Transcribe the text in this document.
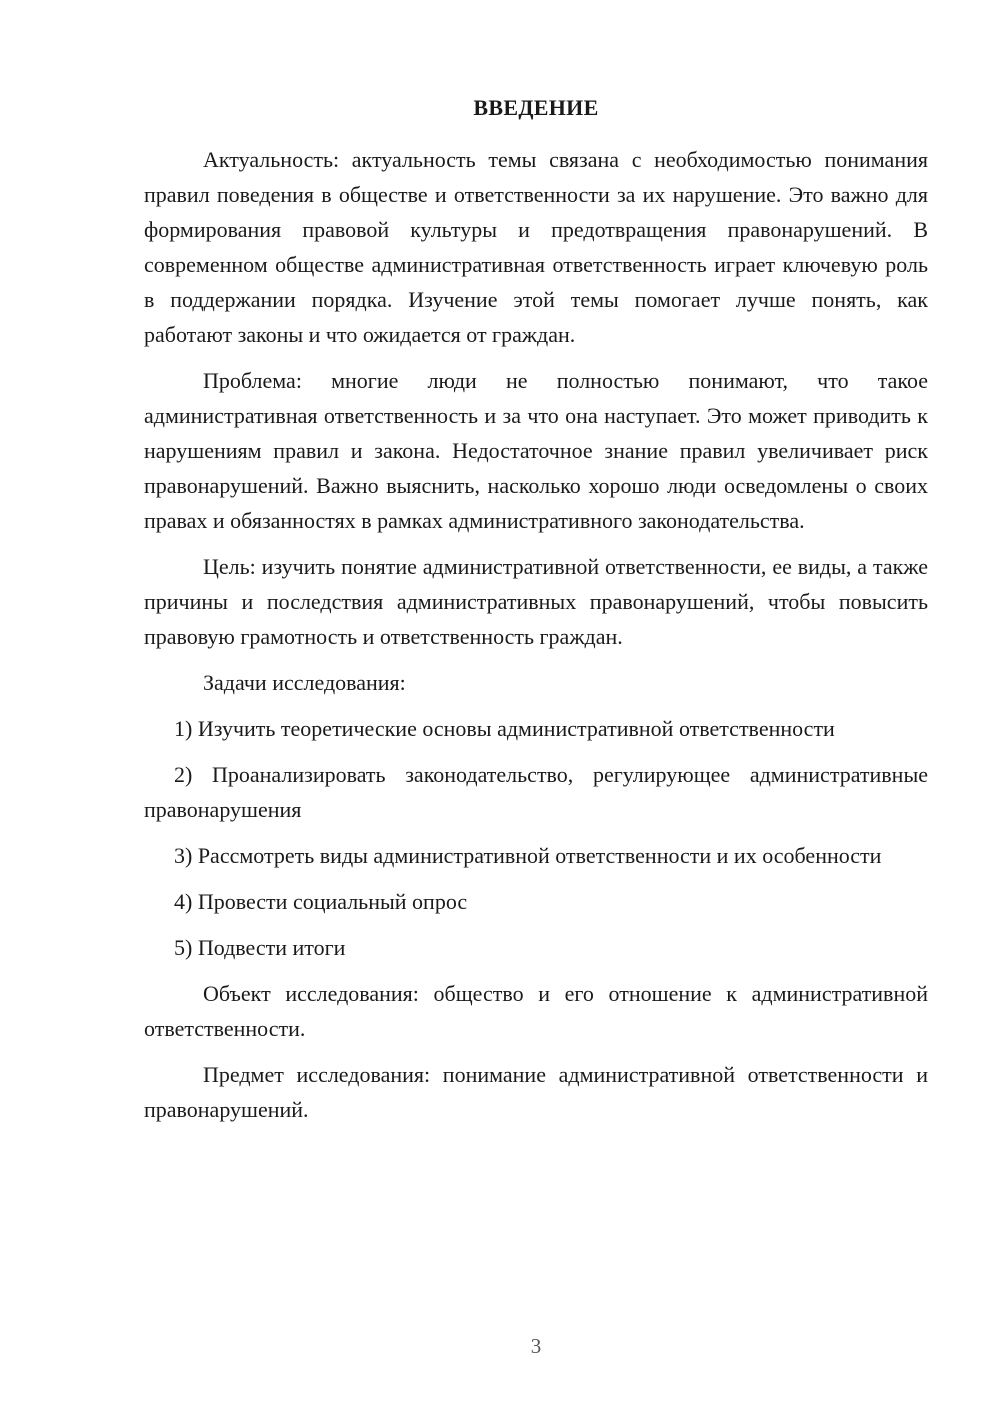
ВВЕДЕНИЕ

Актуальность: актуальность темы связана с необходимостью понимания правил поведения в обществе и ответственности за их нарушение. Это важно для формирования правовой культуры и предотвращения правонарушений. В современном обществе административная ответственность играет ключевую роль в поддержании порядка. Изучение этой темы помогает лучше понять, как работают законы и что ожидается от граждан.

Проблема: многие люди не полностью понимают, что такое административная ответственность и за что она наступает. Это может приводить к нарушениям правил и закона. Недостаточное знание правил увеличивает риск правонарушений. Важно выяснить, насколько хорошо люди осведомлены о своих правах и обязанностях в рамках административного законодательства.

Цель: изучить понятие административной ответственности, ее виды, а также причины и последствия административных правонарушений, чтобы повысить правовую грамотность и ответственность граждан.

Задачи исследования:

1) Изучить теоретические основы административной ответственности

2) Проанализировать законодательство, регулирующее административные правонарушения

3) Рассмотреть виды административной ответственности и их особенности

4) Провести социальный опрос

5) Подвести итоги

Объект исследования: общество и его отношение к административной ответственности.

Предмет исследования: понимание административной ответственности и правонарушений.

3
